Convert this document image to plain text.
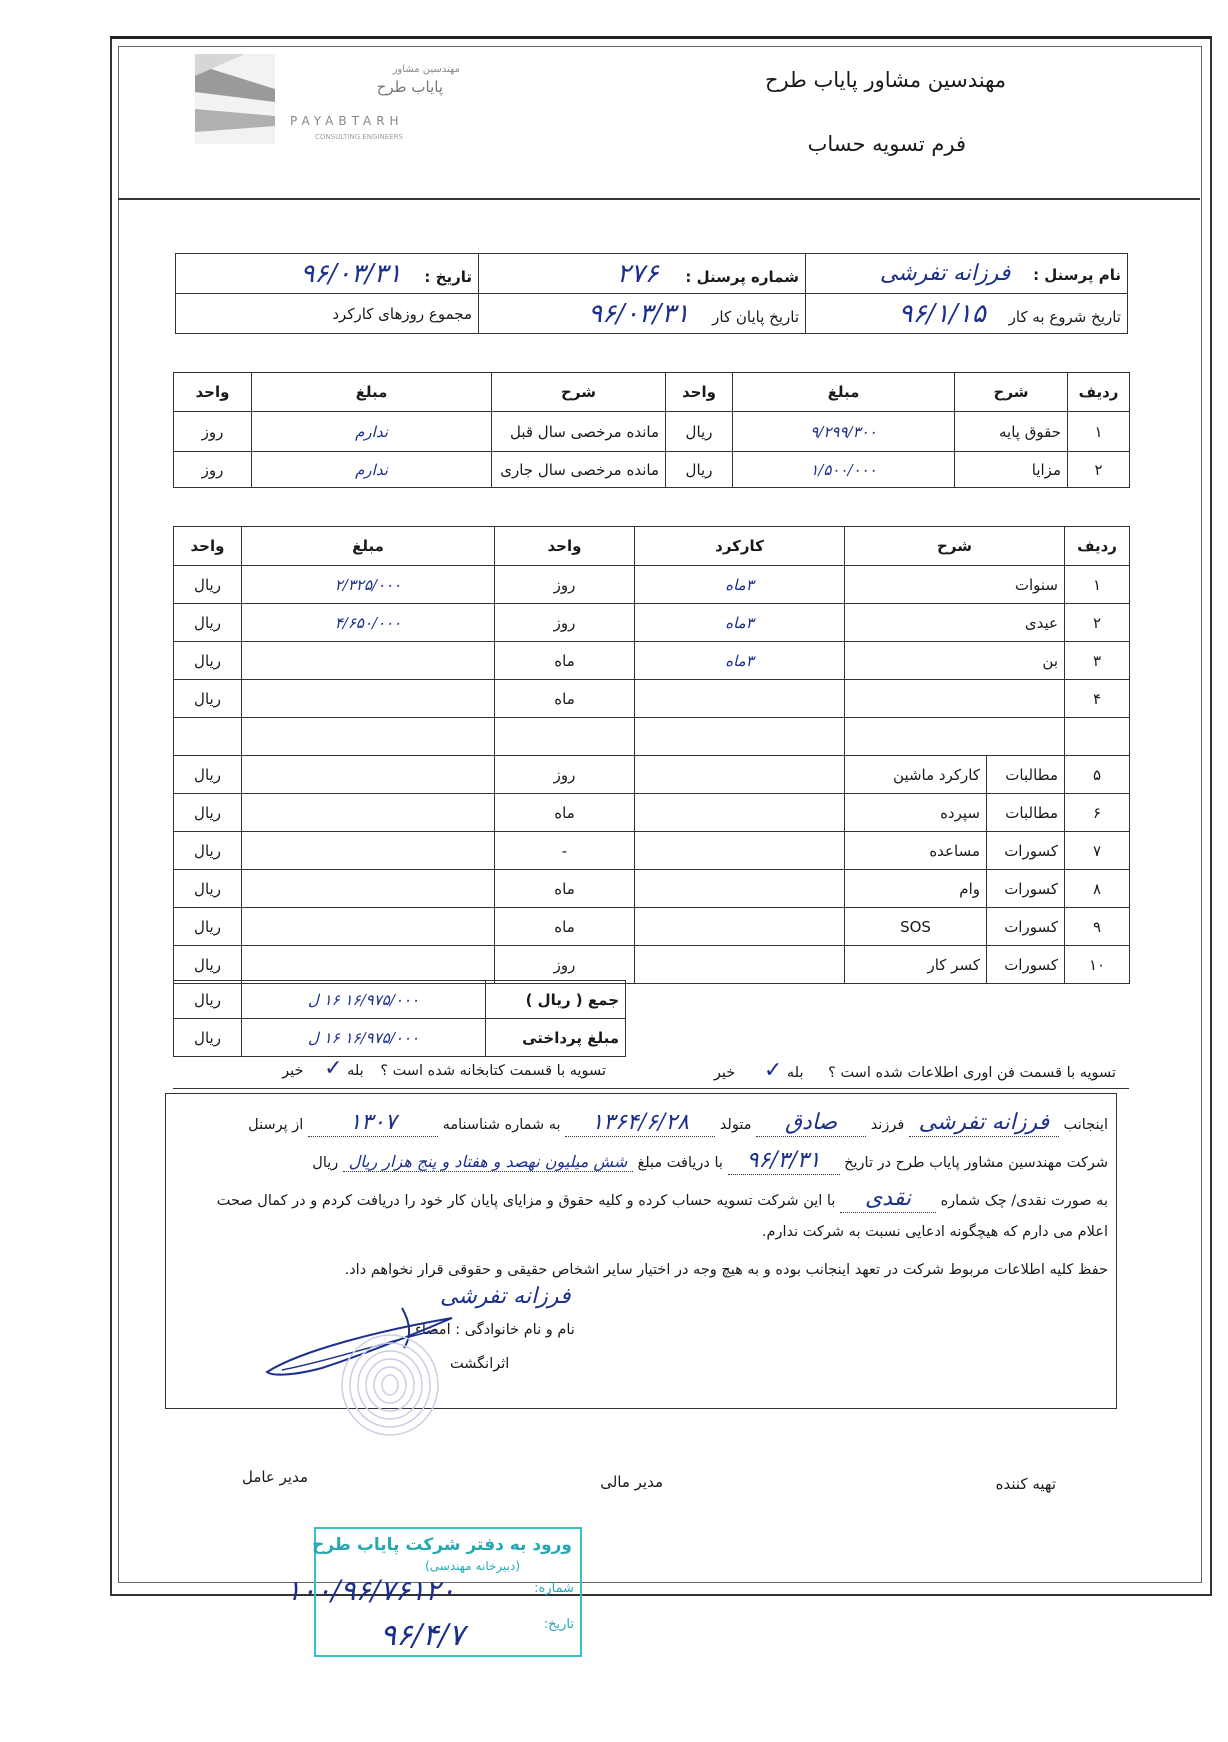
مهندسین مشاور
پایاب طرح
PAYABTARH
CONSULTING ENGINEERS
مهندسین مشاور پایاب طرح
فرم تسویه حساب
نام پرسنل : فرزانه تفرشی	شماره پرسنل : ۲۷۶	تاریخ : ۹۶/۰۳/۳۱
تاریخ شروع به کار ۹۶/۱/۱۵	تاریخ پایان کار ۹۶/۰۳/۳۱	مجموع روزهای کارکرد
ردیف	شرح	مبلغ	واحد	شرح	مبلغ	واحد
۱	حقوق پایه	۹/۲۹۹/۳۰۰	ریال	مانده مرخصی سال قبل	ندارم	روز
۲	مزایا	۱/۵۰۰/۰۰۰	ریال	مانده مرخصی سال جاری	ندارم	روز
ردیف	شرح		کارکرد	واحد	مبلغ	واحد
۱	سنوات		۳ماه	روز	۲/۳۲۵/۰۰۰	ریال
۲	عیدی		۳ماه	روز	۴/۶۵۰/۰۰۰	ریال
۳	بن		۳ماه	ماه		ریال
۴				ماه		ریال

۵	مطالبات	کارکرد ماشین		روز		ریال
۶	مطالبات	سپرده		ماه		ریال
۷	کسورات	مساعده		-		ریال
۸	کسورات	وام		ماه		ریال
۹	کسورات	SOS		ماه		ریال
۱۰	کسورات	کسر کار		روز		ریال
جمع ( ریال )	۱۶/۹۷۵/۰۰۰ ۱۶ ل	ریال
مبلغ پرداختی	۱۶/۹۷۵/۰۰۰ ۱۶ ل	ریال
تسویه با قسمت فن اوری اطلاعات شده است ؟ بله ✓ خیر
تسویه با قسمت کتابخانه شده است ؟ بله ✓ خیر
اینجانب فرزانه تفرشی فرزند صادق متولد ۱۳۶۴/۶/۲۸ به شماره شناسنامه ۱۳۰۷ از پرسنل
شرکت مهندسین مشاور پایاب طرح در تاریخ ۹۶/۳/۳۱ با دریافت مبلغ شش میلیون نهصد و هفتاد و پنج هزار ریال ریال
به صورت نقدی/ چک شماره نقدی با این شرکت تسویه حساب کرده و کلیه حقوق و مزایای پایان کار خود را دریافت کردم و در کمال صحت
اعلام می دارم که هیچگونه ادعایی نسبت به شرکت ندارم.
حفظ کلیه اطلاعات مربوط شرکت در تعهد اینجانب بوده و به هیچ وجه در اختیار سایر اشخاص حقیقی و حقوقی قرار نخواهم داد.
فرزانه تفرشی
نام و نام خانوادگی : امضاء
اثرانگشت
تهیه کننده
مدیر مالی
مدیر عامل
ورود به دفتر شرکت پایاب طرح
(دبیرخانه مهندسی)
شماره:
تاریخ:
۱۰۰/۹۶/۷۶۱۲۰
۹۶/۴/۷
